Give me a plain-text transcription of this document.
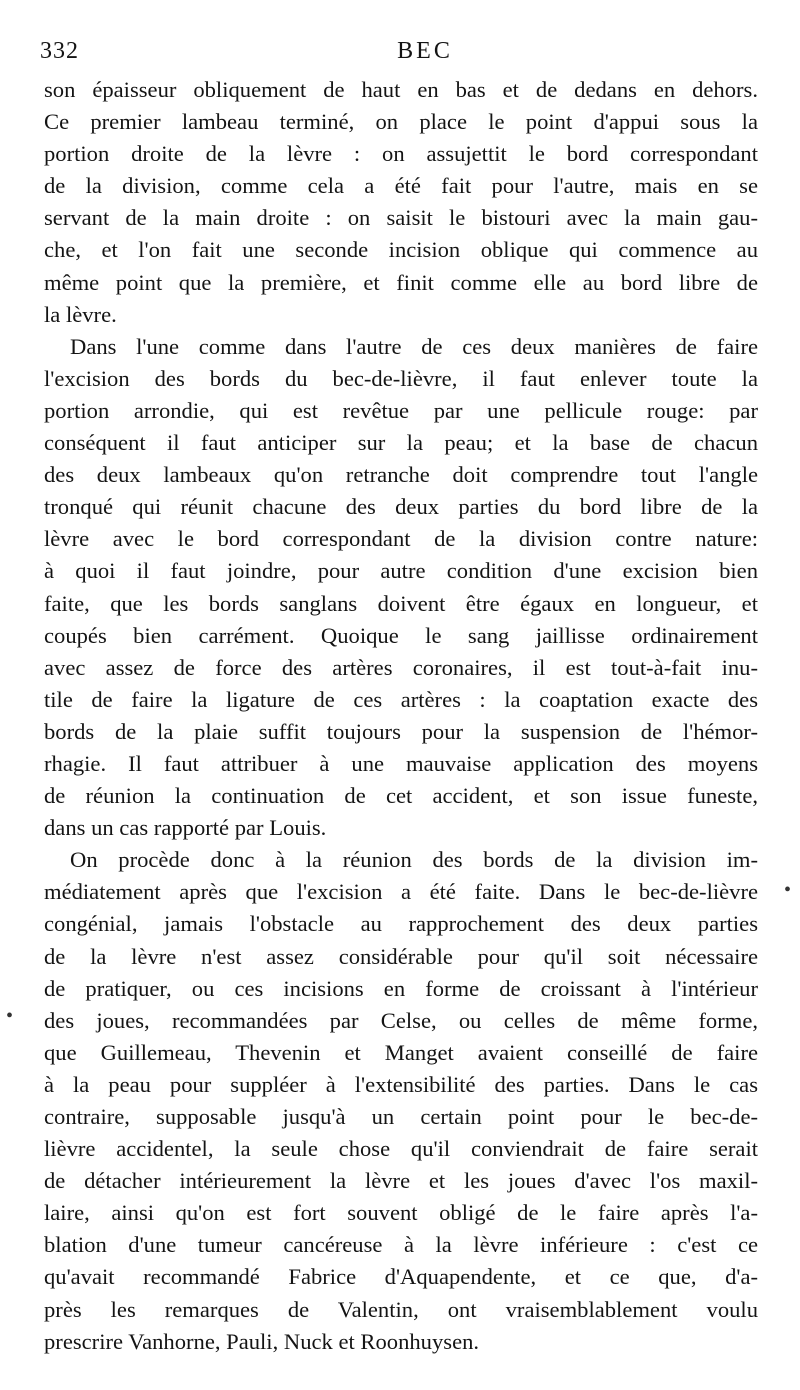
332	BEC
son épaisseur obliquement de haut en bas et de dedans en dehors.
Ce premier lambeau terminé, on place le point d'appui sous la
portion droite de la lèvre : on assujettit le bord correspondant
de la division, comme cela a été fait pour l'autre, mais en se
servant de la main droite : on saisit le bistouri avec la main gau-
che, et l'on fait une seconde incision oblique qui commence au
même point que la première, et finit comme elle au bord libre de
la lèvre.
Dans l'une comme dans l'autre de ces deux manières de faire
l'excision des bords du bec-de-lièvre, il faut enlever toute la
portion arrondie, qui est revêtue par une pellicule rouge: par
conséquent il faut anticiper sur la peau; et la base de chacun
des deux lambeaux qu'on retranche doit comprendre tout l'angle
tronqué qui réunit chacune des deux parties du bord libre de la
lèvre avec le bord correspondant de la division contre nature:
à quoi il faut joindre, pour autre condition d'une excision bien
faite, que les bords sanglans doivent être égaux en longueur, et
coupés bien carrément. Quoique le sang jaillisse ordinairement
avec assez de force des artères coronaires, il est tout-à-fait inu-
tile de faire la ligature de ces artères : la coaptation exacte des
bords de la plaie suffit toujours pour la suspension de l'hémor-
rhagie. Il faut attribuer à une mauvaise application des moyens
de réunion la continuation de cet accident, et son issue funeste,
dans un cas rapporté par Louis.
On procède donc à la réunion des bords de la division im-
médiatement après que l'excision a été faite. Dans le bec-de-lièvre
congénial, jamais l'obstacle au rapprochement des deux parties
de la lèvre n'est assez considérable pour qu'il soit nécessaire
de pratiquer, ou ces incisions en forme de croissant à l'intérieur
des joues, recommandées par Celse, ou celles de même forme,
que Guillemeau, Thevenin et Manget avaient conseillé de faire
à la peau pour suppléer à l'extensibilité des parties. Dans le cas
contraire, supposable jusqu'à un certain point pour le bec-de-
lièvre accidentel, la seule chose qu'il conviendrait de faire serait
de détacher intérieurement la lèvre et les joues d'avec l'os maxil-
laire, ainsi qu'on est fort souvent obligé de le faire après l'a-
blation d'une tumeur cancéreuse à la lèvre inférieure : c'est ce
qu'avait recommandé Fabrice d'Aquapendente, et ce que, d'a-
près les remarques de Valentin, ont vraisemblablement voulu
prescrire Vanhorne, Pauli, Nuck et Roonhuysen.
•
•
